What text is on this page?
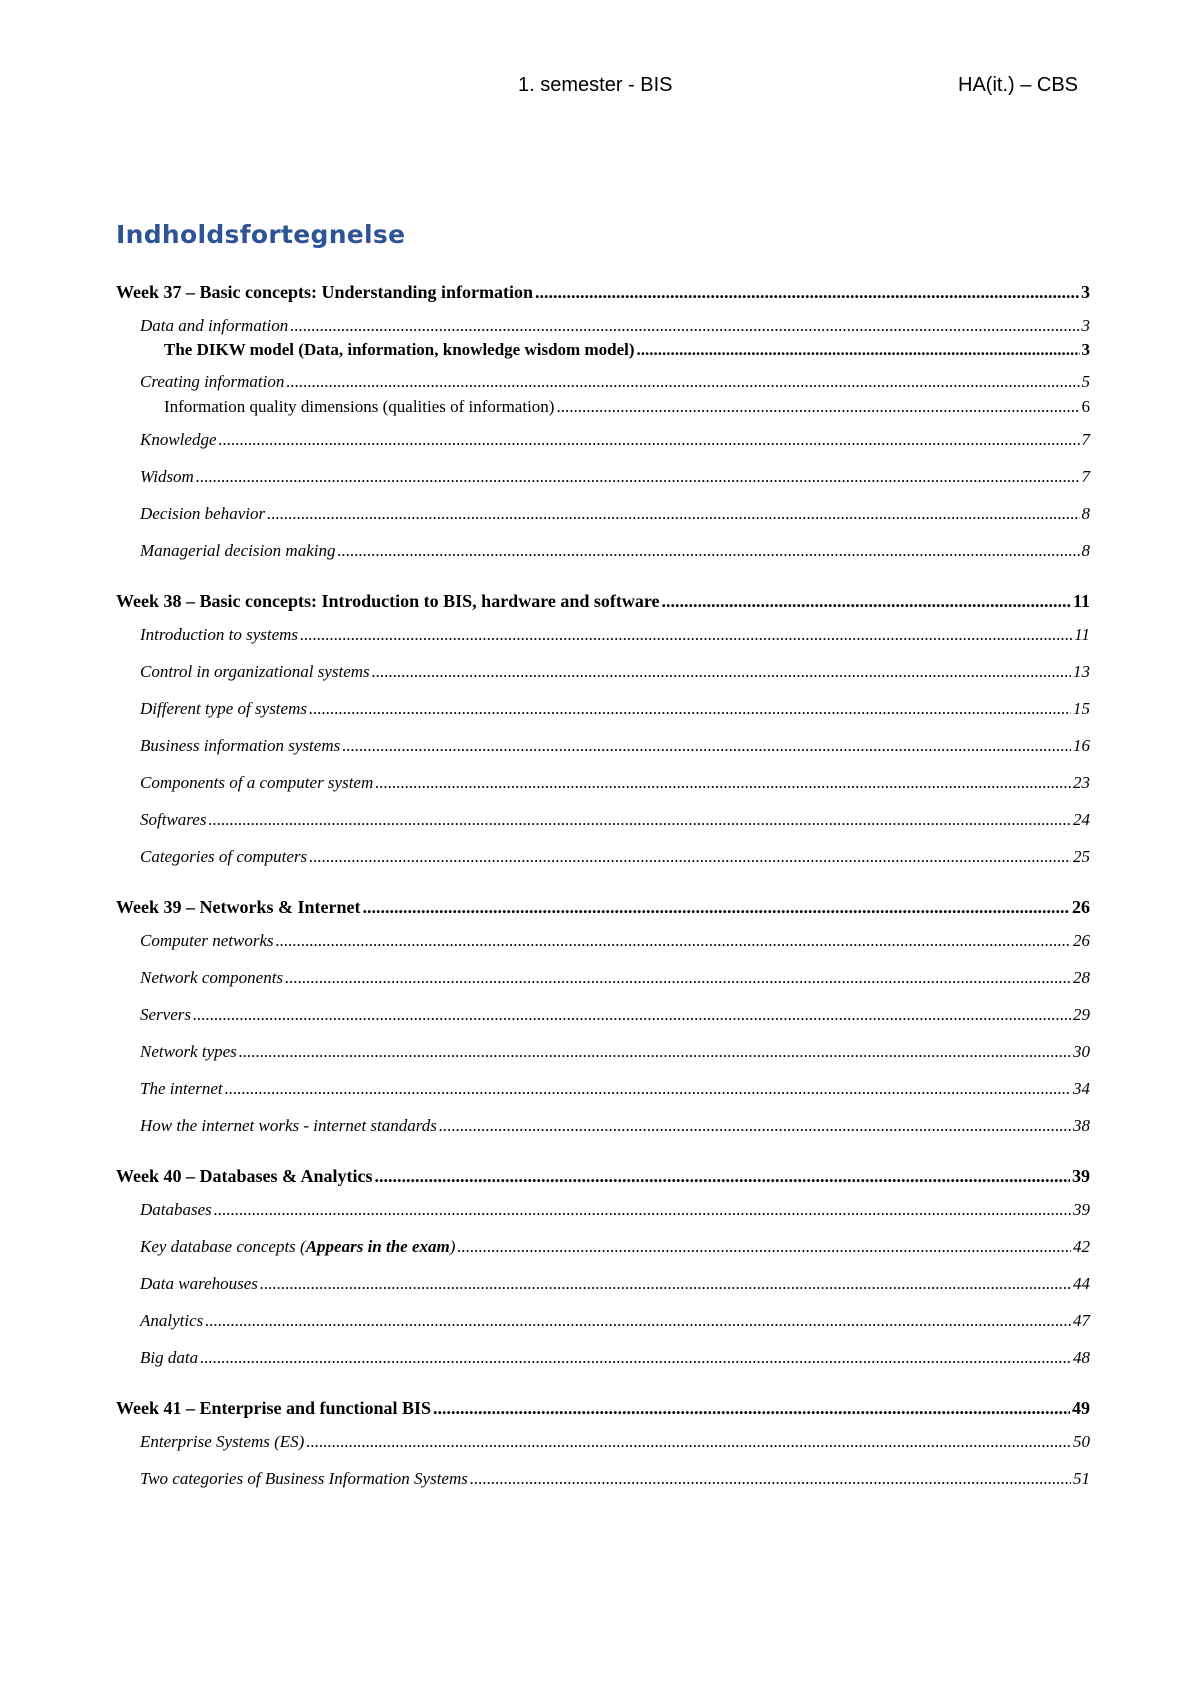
1. semester - BIS	HA(it.) – CBS
Indholdsfortegnelse
Week 37 – Basic concepts: Understanding information .....	3
Data and information .....	3
The DIKW model (Data, information, knowledge wisdom model) .....	3
Creating information .....	5
Information quality dimensions (qualities of information) .....	6
Knowledge .....	7
Widsom .....	7
Decision behavior .....	8
Managerial decision making .....	8
Week 38 – Basic concepts: Introduction to BIS, hardware and software .....	11
Introduction to systems .....	11
Control in organizational systems .....	13
Different type of systems .....	15
Business information systems .....	16
Components of a computer system .....	23
Softwares .....	24
Categories of computers .....	25
Week 39 – Networks & Internet .....	26
Computer networks .....	26
Network components .....	28
Servers .....	29
Network types .....	30
The internet .....	34
How the internet works - internet standards .....	38
Week 40 – Databases & Analytics .....	39
Databases .....	39
Key database concepts (Appears in the exam) .....	42
Data warehouses .....	44
Analytics .....	47
Big data .....	48
Week 41 – Enterprise and functional BIS .....	49
Enterprise Systems (ES) .....	50
Two categories of Business Information Systems .....	51
